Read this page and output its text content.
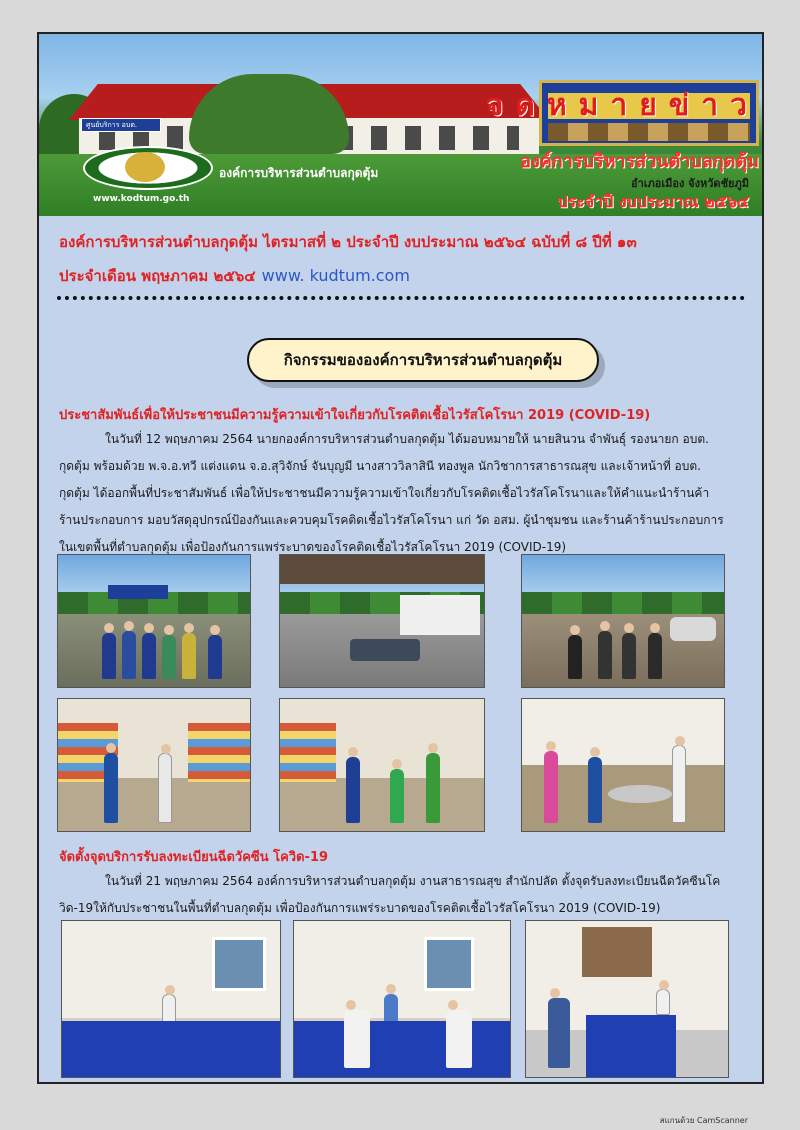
ศูนย์บริการ อบต.
จดหมายข่าว
องค์การบริหารส่วนตำบลกุดตุ้ม
อำเภอเมือง จังหวัดชัยภูมิ
ประจำปี งบประมาณ ๒๕๖๔
องค์การบริหารส่วนตำบลกุดตุ้ม
www.kodtum.go.th
องค์การบริหารส่วนตำบลกุดตุ้ม ไตรมาสที่ ๒ ประจำปี งบประมาณ ๒๕๖๔ ฉบับที่ ๘ ปีที่ ๑๓
ประจำเดือน พฤษภาคม ๒๕๖๔ www. kudtum.com
กิจกรรมขององค์การบริหารส่วนตำบลกุดตุ้ม
ประชาสัมพันธ์เพื่อให้ประชาชนมีความรู้ความเข้าใจเกี่ยวกับโรคติดเชื้อไวรัสโคโรนา 2019 (COVID-19)
ในวันที่ 12 พฤษภาคม 2564 นายกองค์การบริหารส่วนตำบลกุดตุ้ม ได้มอบหมายให้ นายสินวน จำพันธุ์ รองนายก อบต.
กุดตุ้ม พร้อมด้วย พ.จ.อ.ทวี แต่งแดน จ.อ.สุวิจักษ์ จันบุญมี นางสาววิลาสินี ทองพูล นักวิชาการสาธารณสุข และเจ้าหน้าที่ อบต.
กุดตุ้ม ได้ออกพื้นที่ประชาสัมพันธ์ เพื่อให้ประชาชนมีความรู้ความเข้าใจเกี่ยวกับโรคติดเชื้อไวรัสโคโรนาและให้คำแนะนำร้านค้า
ร้านประกอบการ มอบวัสดุอุปกรณ์ป้องกันและควบคุมโรคติดเชื้อไวรัสโคโรนา แก่ วัด อสม. ผู้นำชุมชน และร้านค้าร้านประกอบการ
ในเขตพื้นที่ตำบลกุดตุ้ม เพื่อป้องกันการแพร่ระบาดของโรคติดเชื้อไวรัสโคโรนา 2019 (COVID-19)
จัดตั้งจุดบริการรับลงทะเบียนฉีดวัคซีน โควิด-19
ในวันที่ 21 พฤษภาคม 2564 องค์การบริหารส่วนตำบลกุดตุ้ม งานสาธารณสุข สำนักปลัด ตั้งจุดรับลงทะเบียนฉีดวัคซีนโค
วิด-19ให้กับประชาชนในพื้นที่ตำบลกุดตุ้ม เพื่อป้องกันการแพร่ระบาดของโรคติดเชื้อไวรัสโคโรนา 2019 (COVID-19)
สแกนด้วย CamScanner
